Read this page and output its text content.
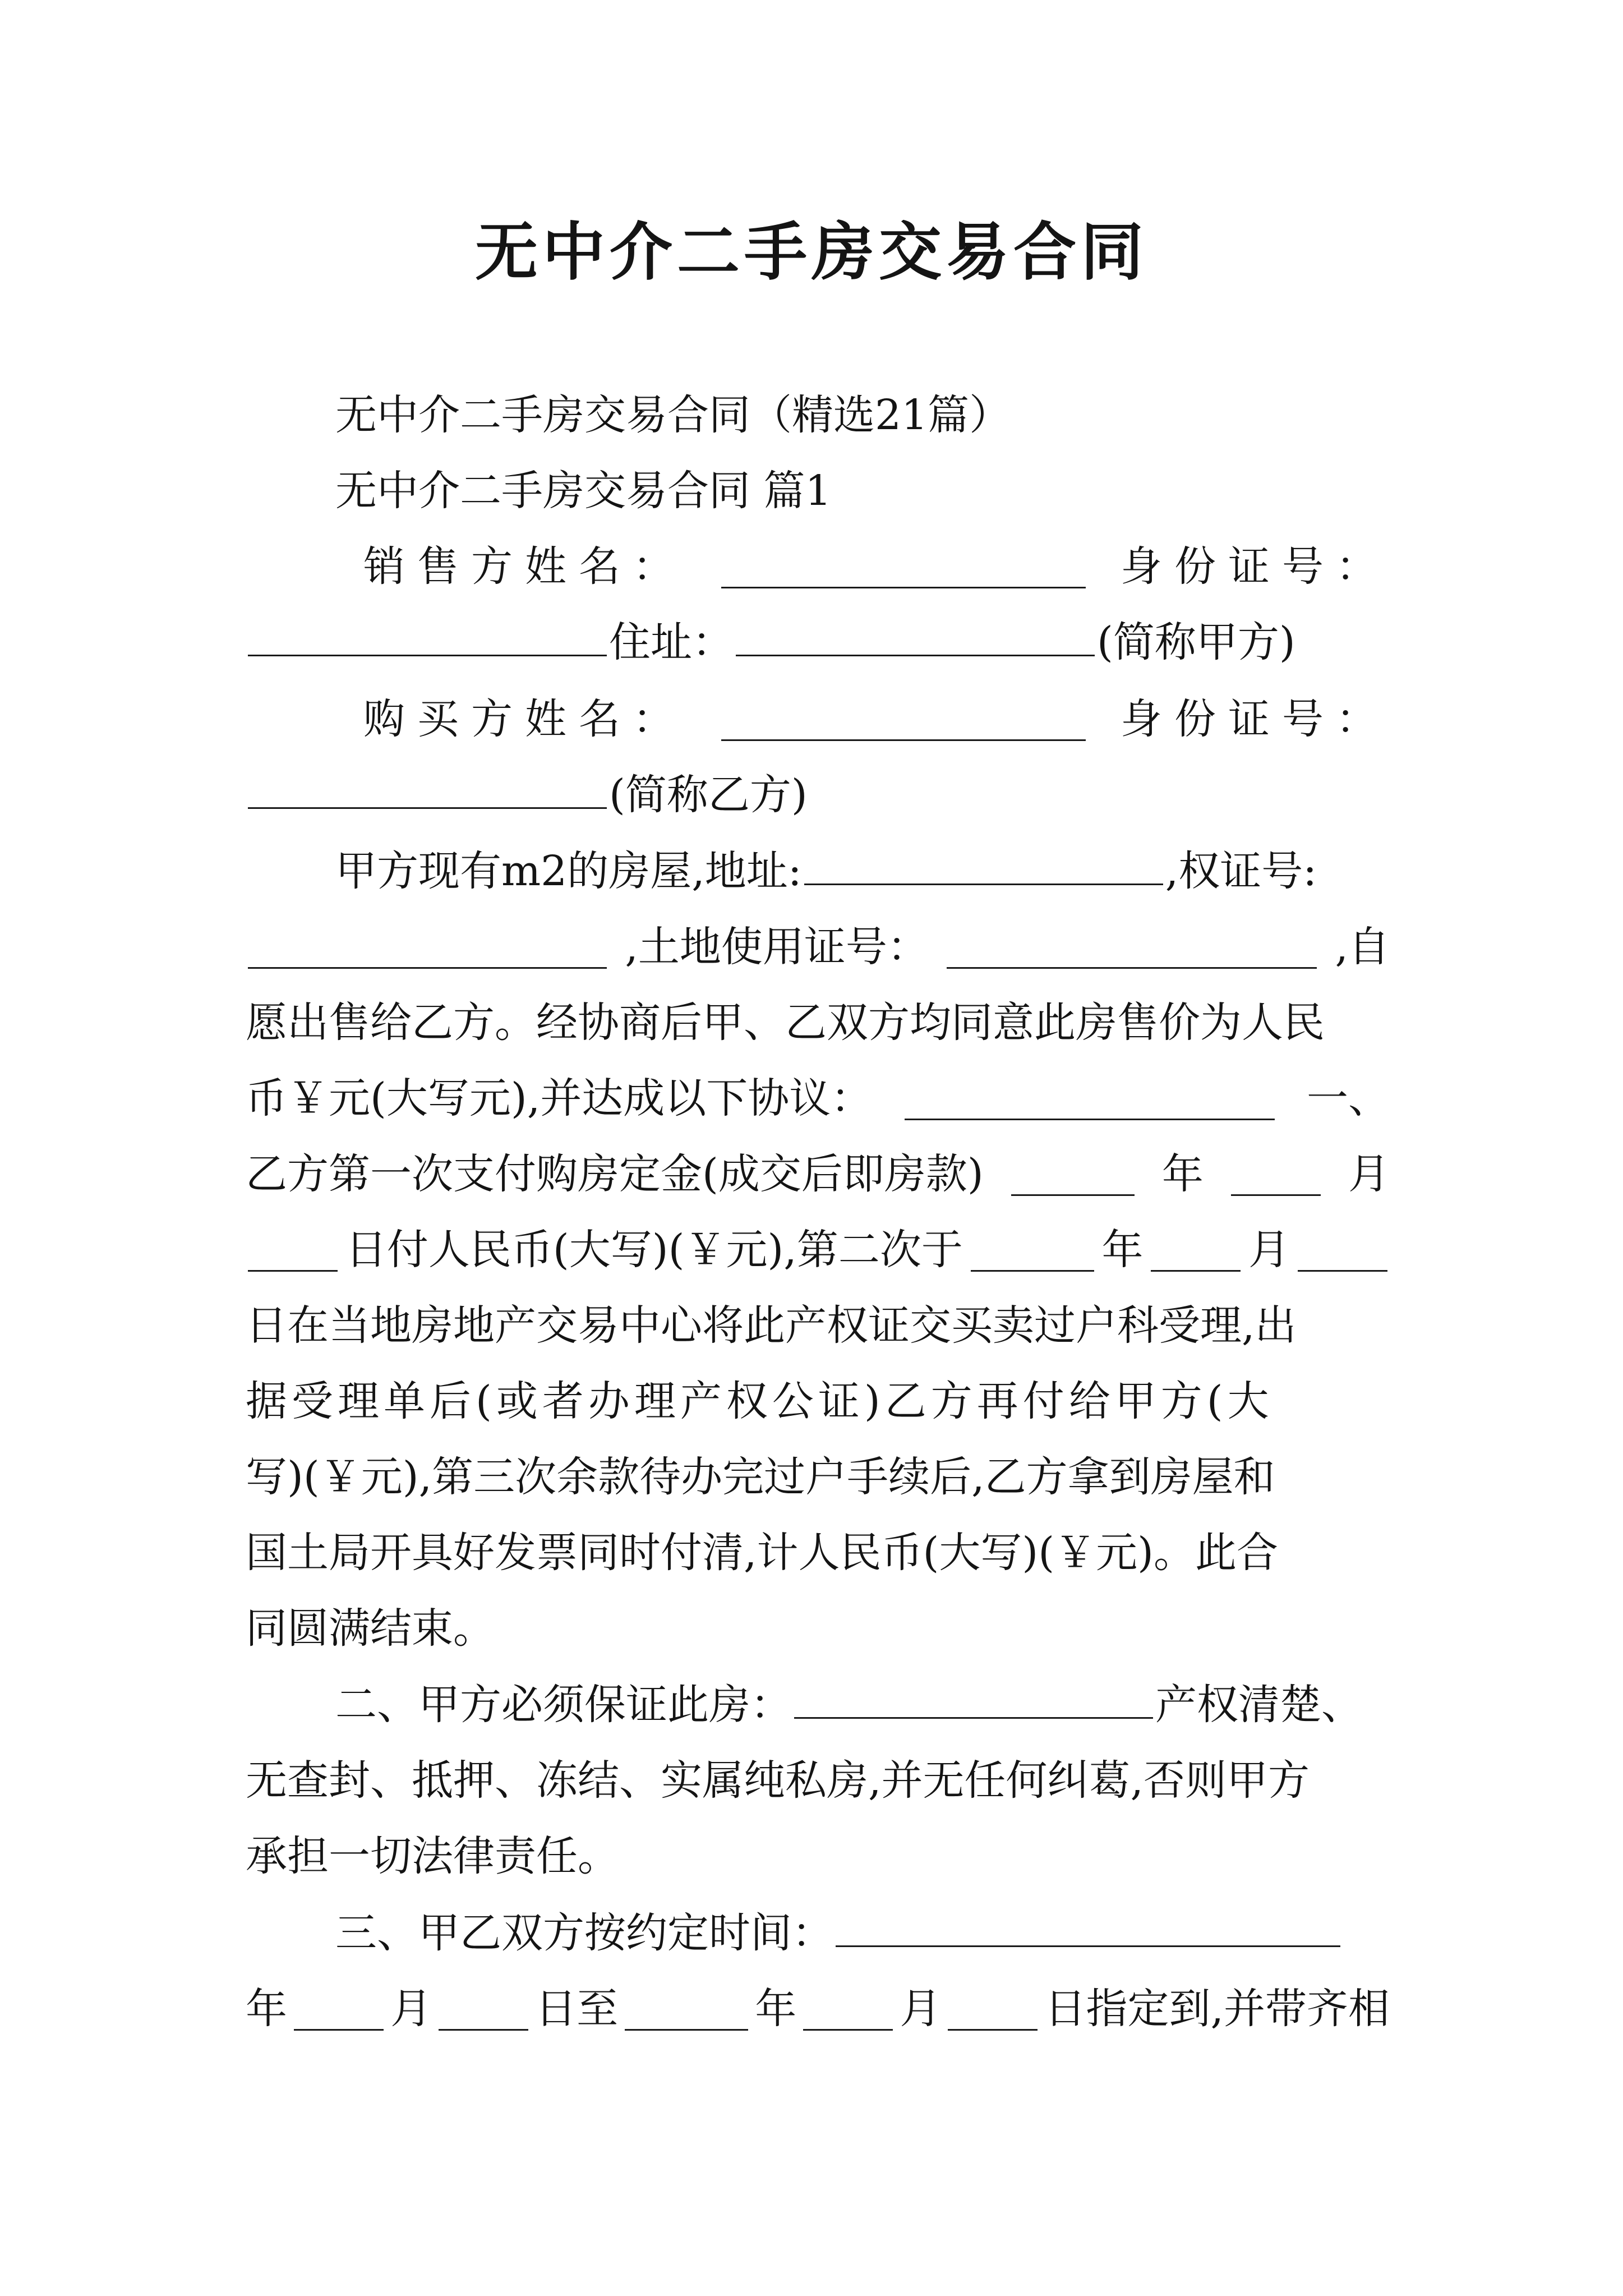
无中介二手房交易合同
无中介二手房交易合同（精选21篇）
无中介二手房交易合同 篇1
销售方姓名：	身份证号：
住址：	(简称甲方)
购买方姓名：	身份证号：
(简称乙方)
甲方现有m2的房屋,地址:	,权证号:
,土地使用证号：	,自
愿出售给乙方。经协商后甲、乙双方均同意此房售价为人民
币￥元(大写元),并达成以下协议：	一、
乙方第一次支付购房定金(成交后即房款)	年	月
日付人民币(大写)(￥元),第二次于	年	月
日在当地房地产交易中心将此产权证交买卖过户科受理,出
据受理单后(或者办理产权公证)乙方再付给甲方(大
写)(￥元),第三次余款待办完过户手续后,乙方拿到房屋和
国土局开具好发票同时付清,计人民币(大写)(￥元)。此合
同圆满结束。
二、甲方必须保证此房：	产权清楚、
无查封、抵押、冻结、实属纯私房,并无任何纠葛,否则甲方
承担一切法律责任。
三、甲乙双方按约定时间：
年 月 日至	年 月 日指定到,并带齐相
